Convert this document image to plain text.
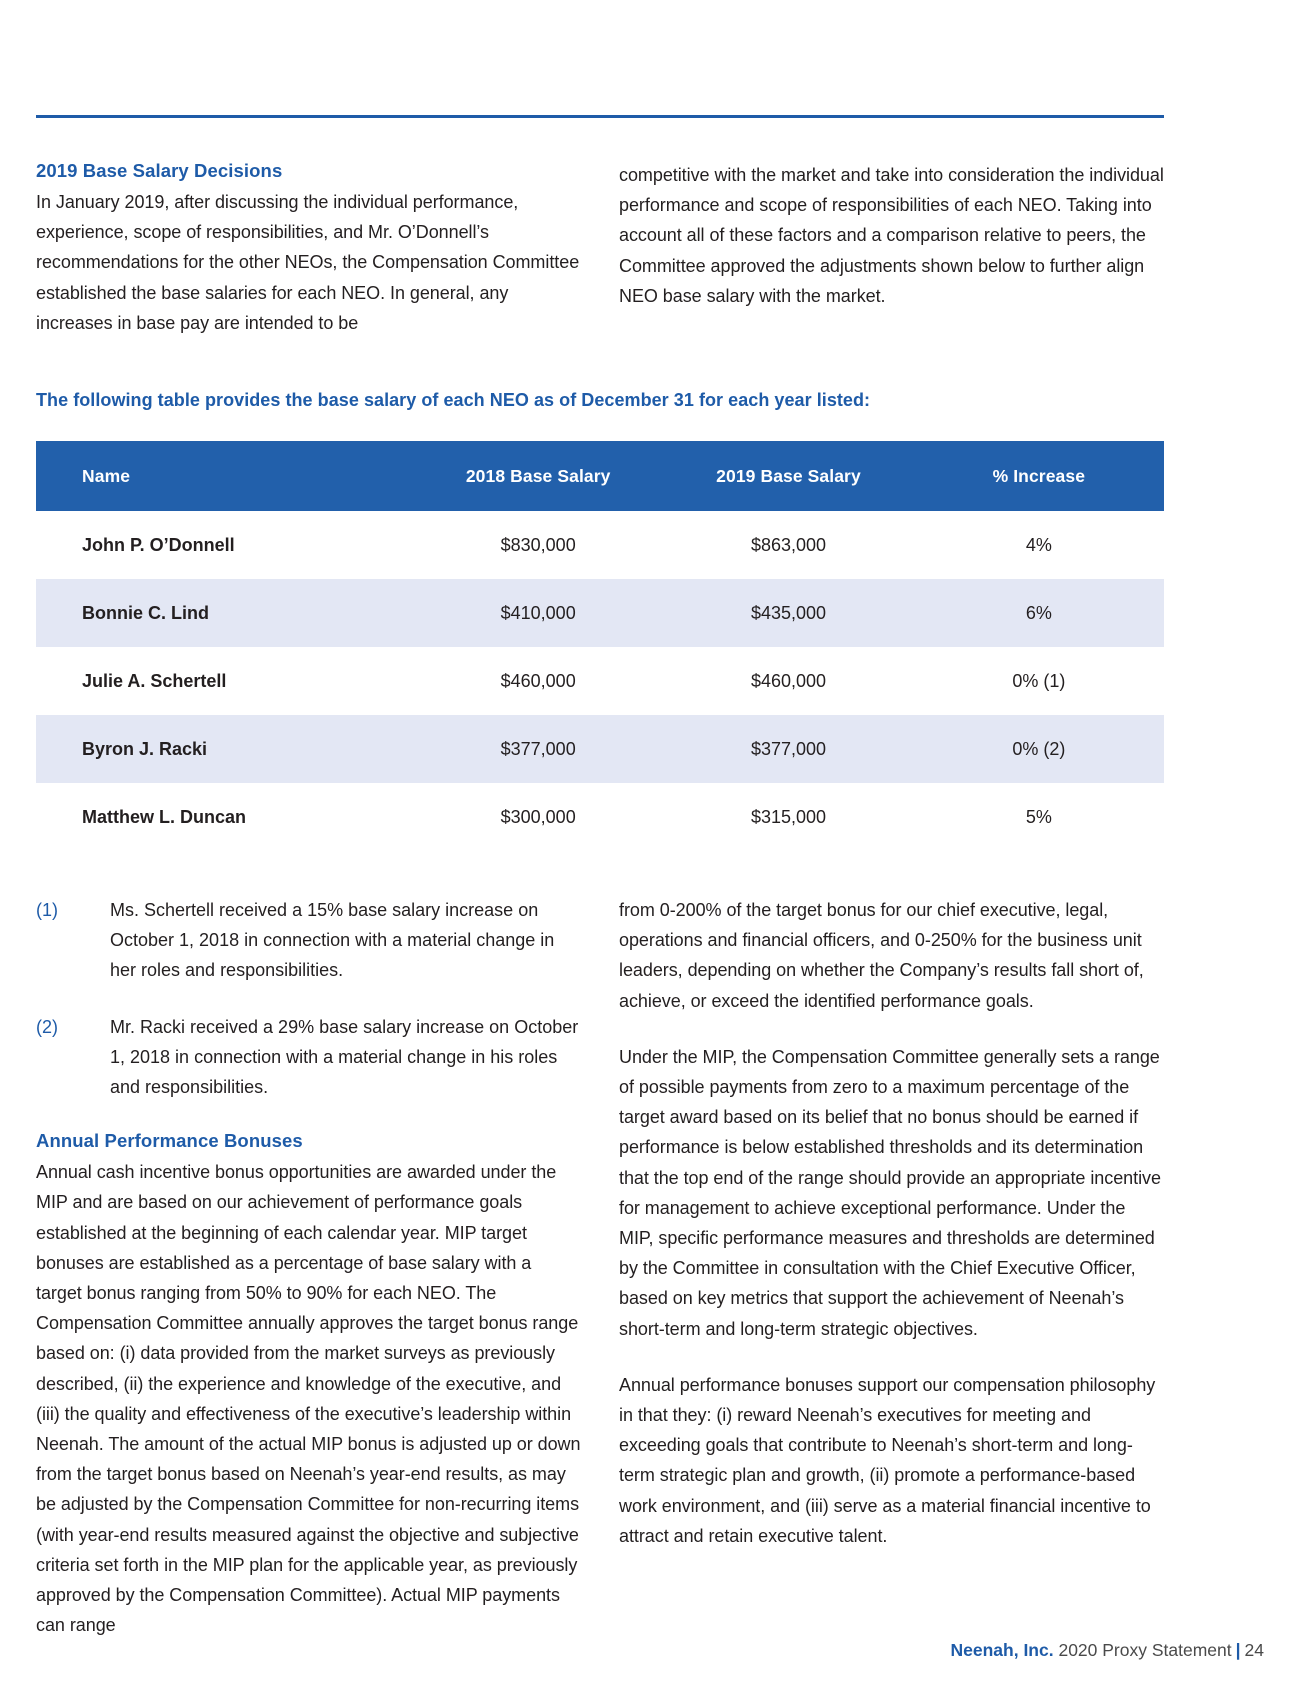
2019 Base Salary Decisions

In January 2019, after discussing the individual performance, experience, scope of responsibilities, and Mr. O’Donnell’s recommendations for the other NEOs, the Compensation Committee established the base salaries for each NEO. In general, any increases in base pay are intended to be

competitive with the market and take into consideration the individual performance and scope of responsibilities of each NEO. Taking into account all of these factors and a comparison relative to peers, the Committee approved the adjustments shown below to further align NEO base salary with the market.

The following table provides the base salary of each NEO as of December 31 for each year listed:
Name	2018 Base Salary	2019 Base Salary	% Increase
John P. O’Donnell	$830,000	$863,000	4%
Bonnie C. Lind	$410,000	$435,000	6%
Julie A. Schertell	$460,000	$460,000	0% (1)
Byron J. Racki	$377,000	$377,000	0% (2)
Matthew L. Duncan	$300,000	$315,000	5%
(1)	Ms. Schertell received a 15% base salary increase on October 1, 2018 in connection with a material change in her roles and responsibilities.
(2)	Mr. Racki received a 29% base salary increase on October 1, 2018 in connection with a material change in his roles and responsibilities.
Annual Performance Bonuses

Annual cash incentive bonus opportunities are awarded under the MIP and are based on our achievement of performance goals established at the beginning of each calendar year. MIP target bonuses are established as a percentage of base salary with a target bonus ranging from 50% to 90% for each NEO. The Compensation Committee annually approves the target bonus range based on: (i) data provided from the market surveys as previously described, (ii) the experience and knowledge of the executive, and (iii) the quality and effectiveness of the executive’s leadership within Neenah. The amount of the actual MIP bonus is adjusted up or down from the target bonus based on Neenah’s year-end results, as may be adjusted by the Compensation Committee for non-recurring items (with year-end results measured against the objective and subjective criteria set forth in the MIP plan for the applicable year, as previously approved by the Compensation Committee). Actual MIP payments can range

from 0-200% of the target bonus for our chief executive, legal, operations and financial officers, and 0-250% for the business unit leaders, depending on whether the Company’s results fall short of, achieve, or exceed the identified performance goals.

Under the MIP, the Compensation Committee generally sets a range of possible payments from zero to a maximum percentage of the target award based on its belief that no bonus should be earned if performance is below established thresholds and its determination that the top end of the range should provide an appropriate incentive for management to achieve exceptional performance. Under the MIP, specific performance measures and thresholds are determined by the Committee in consultation with the Chief Executive Officer, based on key metrics that support the achievement of Neenah’s short-term and long-term strategic objectives.

Annual performance bonuses support our compensation philosophy in that they: (i) reward Neenah’s executives for meeting and exceeding goals that contribute to Neenah’s short-term and long-term strategic plan and growth, (ii) promote a performance-based work environment, and (iii) serve as a material financial incentive to attract and retain executive talent.

Neenah, Inc. 2020 Proxy Statement | 24
